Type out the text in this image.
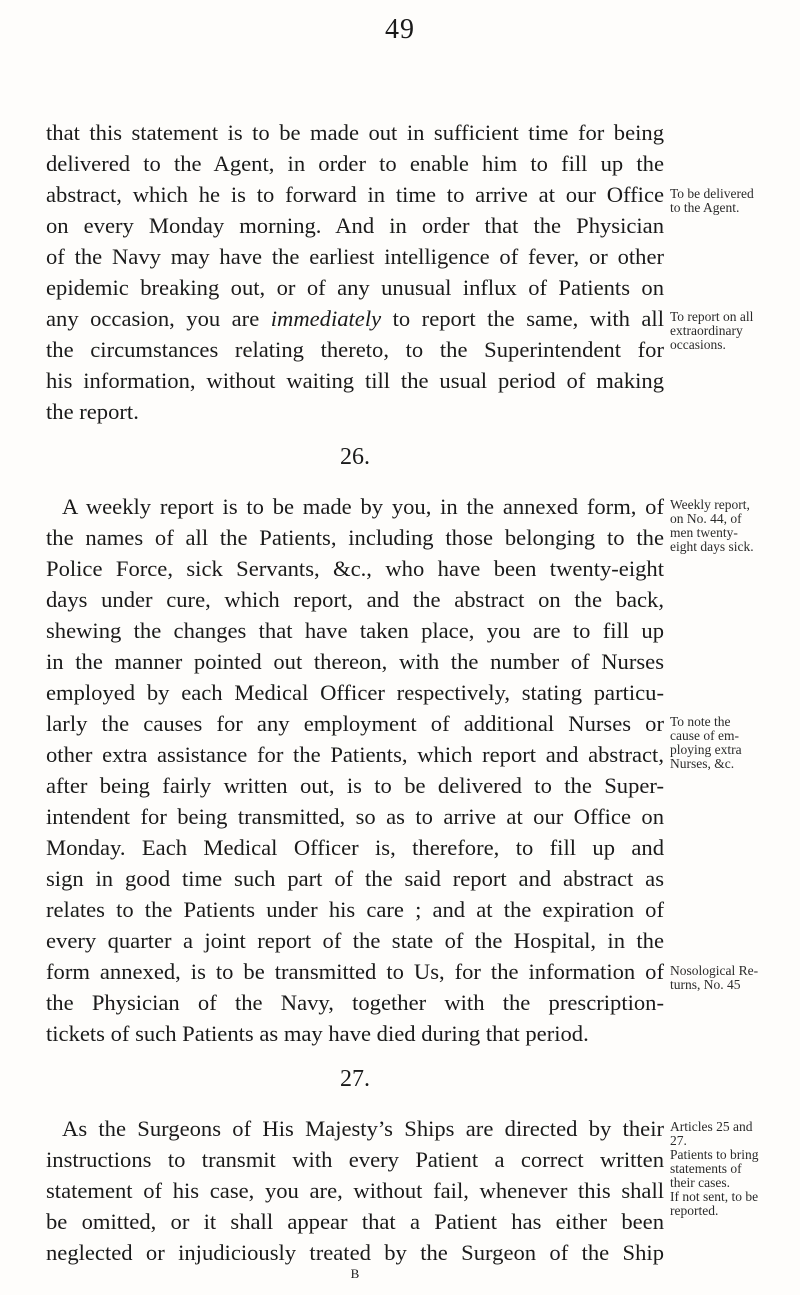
49
that this statement is to be made out in sufficient time for being
delivered to the Agent, in order to enable him to fill up the
abstract, which he is to forward in time to arrive at our Office
on every Monday morning. And in order that the Physician
of the Navy may have the earliest intelligence of fever, or other
epidemic breaking out, or of any unusual influx of Patients on
any occasion, you are immediately to report the same, with all
the circumstances relating thereto, to the Superintendent for
his information, without waiting till the usual period of making
the report.
26.
A weekly report is to be made by you, in the annexed form, of
the names of all the Patients, including those belonging to the
Police Force, sick Servants, &c., who have been twenty-eight
days under cure, which report, and the abstract on the back,
shewing the changes that have taken place, you are to fill up
in the manner pointed out thereon, with the number of Nurses
employed by each Medical Officer respectively, stating particu-
larly the causes for any employment of additional Nurses or
other extra assistance for the Patients, which report and abstract,
after being fairly written out, is to be delivered to the Super-
intendent for being transmitted, so as to arrive at our Office on
Monday. Each Medical Officer is, therefore, to fill up and
sign in good time such part of the said report and abstract as
relates to the Patients under his care ; and at the expiration of
every quarter a joint report of the state of the Hospital, in the
form annexed, is to be transmitted to Us, for the information of
the Physician of the Navy, together with the prescription-
tickets of such Patients as may have died during that period.
27.
As the Surgeons of His Majesty’s Ships are directed by their
instructions to transmit with every Patient a correct written
statement of his case, you are, without fail, whenever this shall
be omitted, or it shall appear that a Patient has either been
neglected or injudiciously treated by the Surgeon of the Ship
B
To be delivered
to the Agent.
To report on all
extraordinary
occasions.
Weekly report,
on No. 44, of
men twenty-
eight days sick.
To note the
cause of em-
ploying extra
Nurses, &c.
Nosological Re-
turns, No. 45
Articles 25 and
27.
Patients to bring
statements of
their cases.
If not sent, to be
reported.
